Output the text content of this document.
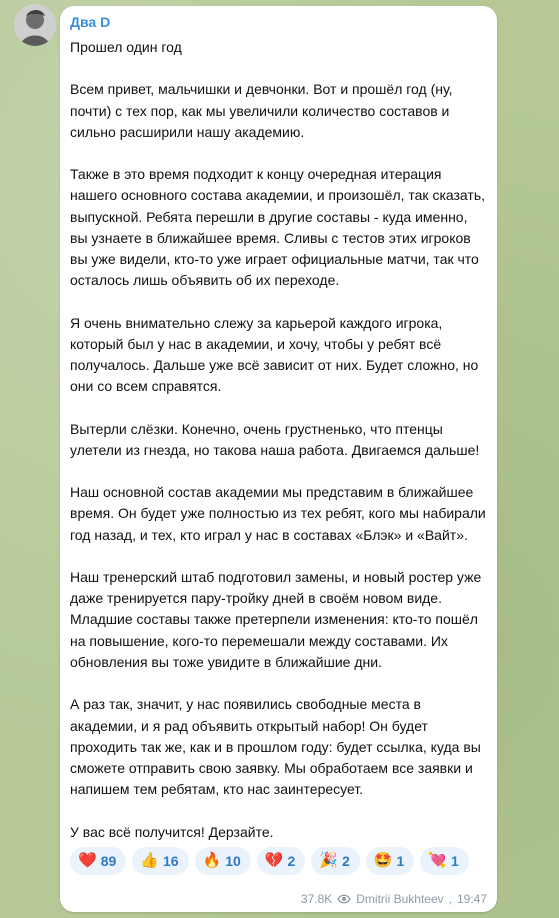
Два D

Прошел один год

Всем привет, мальчишки и девчонки. Вот и прошёл год (ну, почти) с тех пор, как мы увеличили количество составов и сильно расширили нашу академию.

Также в это время подходит к концу очередная итерация нашего основного состава академии, и произошёл, так сказать, выпускной. Ребята перешли в другие составы - куда именно, вы узнаете в ближайшее время. Сливы с тестов этих игроков вы уже видели, кто-то уже играет официальные матчи, так что осталось лишь объявить об их переходе.

Я очень внимательно слежу за карьерой каждого игрока, который был у нас в академии, и хочу, чтобы у ребят всё получалось. Дальше уже всё зависит от них. Будет сложно, но они со всем справятся.

Вытерли слёзки. Конечно, очень грустненько, что птенцы улетели из гнезда, но такова наша работа. Двигаемся дальше!

Наш основной состав академии мы представим в ближайшее время. Он будет уже полностью из тех ребят, кого мы набирали год назад, и тех, кто играл у нас в составах «Блэк» и «Вайт».

Наш тренерский штаб подготовил замены, и новый ростер уже даже тренируется пару-тройку дней в своём новом виде. Младшие составы также претерпели изменения: кто-то пошёл на повышение, кого-то перемешали между составами. Их обновления вы тоже увидите в ближайшие дни.

А раз так, значит, у нас появились свободные места в академии, и я рад объявить открытый набор! Он будет проходить так же, как и в прошлом году: будет ссылка, куда вы сможете отправить свою заявку. Мы обработаем все заявки и напишем тем ребятам, кто нас заинтересует.

У вас всё получится! Дерзайте.

❤️ 89 👍 16 🔥 10 💔 2 🎉 2 🤩 1 💘 1
37.8K Dmitrii Bukhteev , 19:47
